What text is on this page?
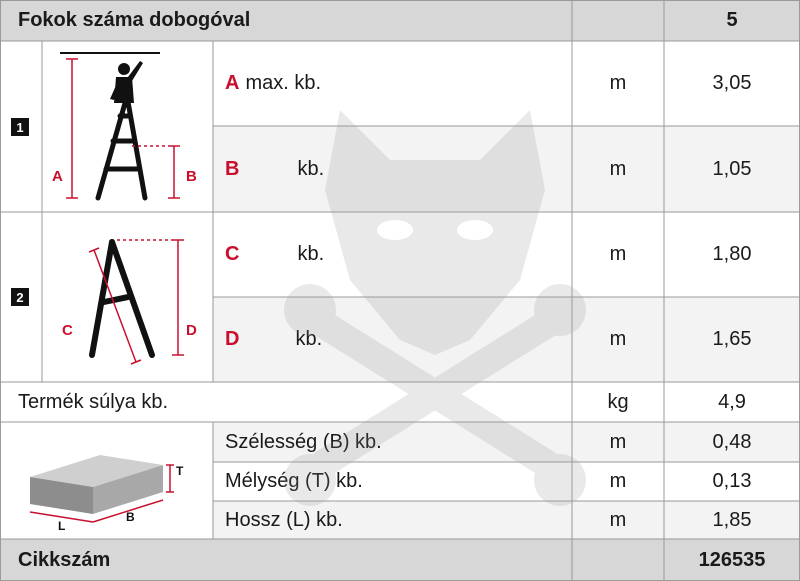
Fokok száma dobogóval	5
A max. kb.	m	3,05
B	kb.	m	1,05
C	kb.	m	1,80
D	kb.	m	1,65
Termék súlya kb.	kg	4,9
Szélesség (B) kb.	m	0,48
Mélység (T) kb.	m	0,13
Hossz (L) kb.	m	1,85
Cikkszám	126535
1
2
A	B
C	D
L
B
T
